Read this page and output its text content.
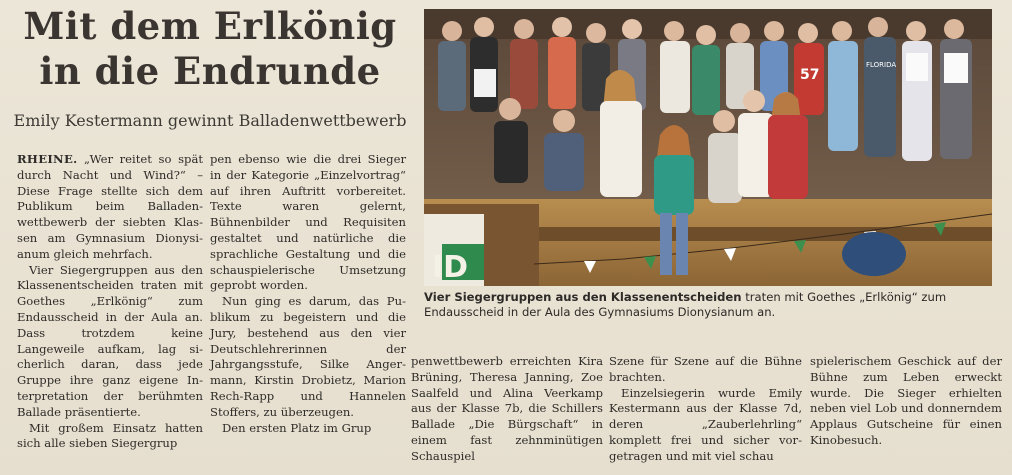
Mit dem Erlkönig
in die Endrunde

Emily Kestermann gewinnt Balladenwettbewerb

RHEINE. „Wer reitet so spät durch Nacht und Wind?“ – Diese Frage stellte sich dem Publikum beim Balladenwettbewerb der siebten Klassen am Gymnasium Dionysianum gleich mehrfach.

Vier Siegergruppen aus den Klassenentscheiden traten mit Goethes „Erlkönig“ zum Endausscheid in der Aula an. Dass trotzdem keine Langeweile aufkam, lag sicherlich daran, dass jede Gruppe ihre ganz eigene Interpretation der berühmten Ballade präsentierte.

Mit großem Einsatz hatten sich alle sieben Siegergrup

pen ebenso wie die drei Sieger in der Kategorie „Einzelvortrag“ auf ihren Auftritt vorbereitet. Texte waren gelernt, Bühnenbilder und Requisiten gestaltet und natürliche die sprachliche Gestaltung und die schauspielerische Umsetzung geprobt worden.

Nun ging es darum, das Publikum zu begeistern und die Jury, bestehend aus den vier Deutschlehrerinnen der Jahrgangsstufe, Silke Angermann, Kirstin Drobietz, Marion Rech-Rapp und Hannelen Stoffers, zu überzeugen.

Den ersten Platz im Grup

ID
57
FLORIDA
Vier Siegergruppen aus den Klassenentscheiden traten mit Goethes „Erlkönig“ zum Endausscheid in der Aula des Gymnasiums Dionysianum an.

penwettbewerb erreichten Kira Brüning, Theresa Janning, Zoe Saalfeld und Alina Veerkamp aus der Klasse 7b, die Schillers Ballade „Die Bürgschaft“ in einem fast zehnminütigen Schauspiel

Szene für Szene auf die Bühne brachten.

Einzelsiegerin wurde Emily Kestermann aus der Klasse 7d, deren „Zauberlehrling“ komplett frei und sicher vorgetragen und mit viel schau

spielerischem Geschick auf der Bühne zum Leben erweckt wurde. Die Sieger erhielten neben viel Lob und donnerndem Applaus Gutscheine für einen Kinobesuch.
